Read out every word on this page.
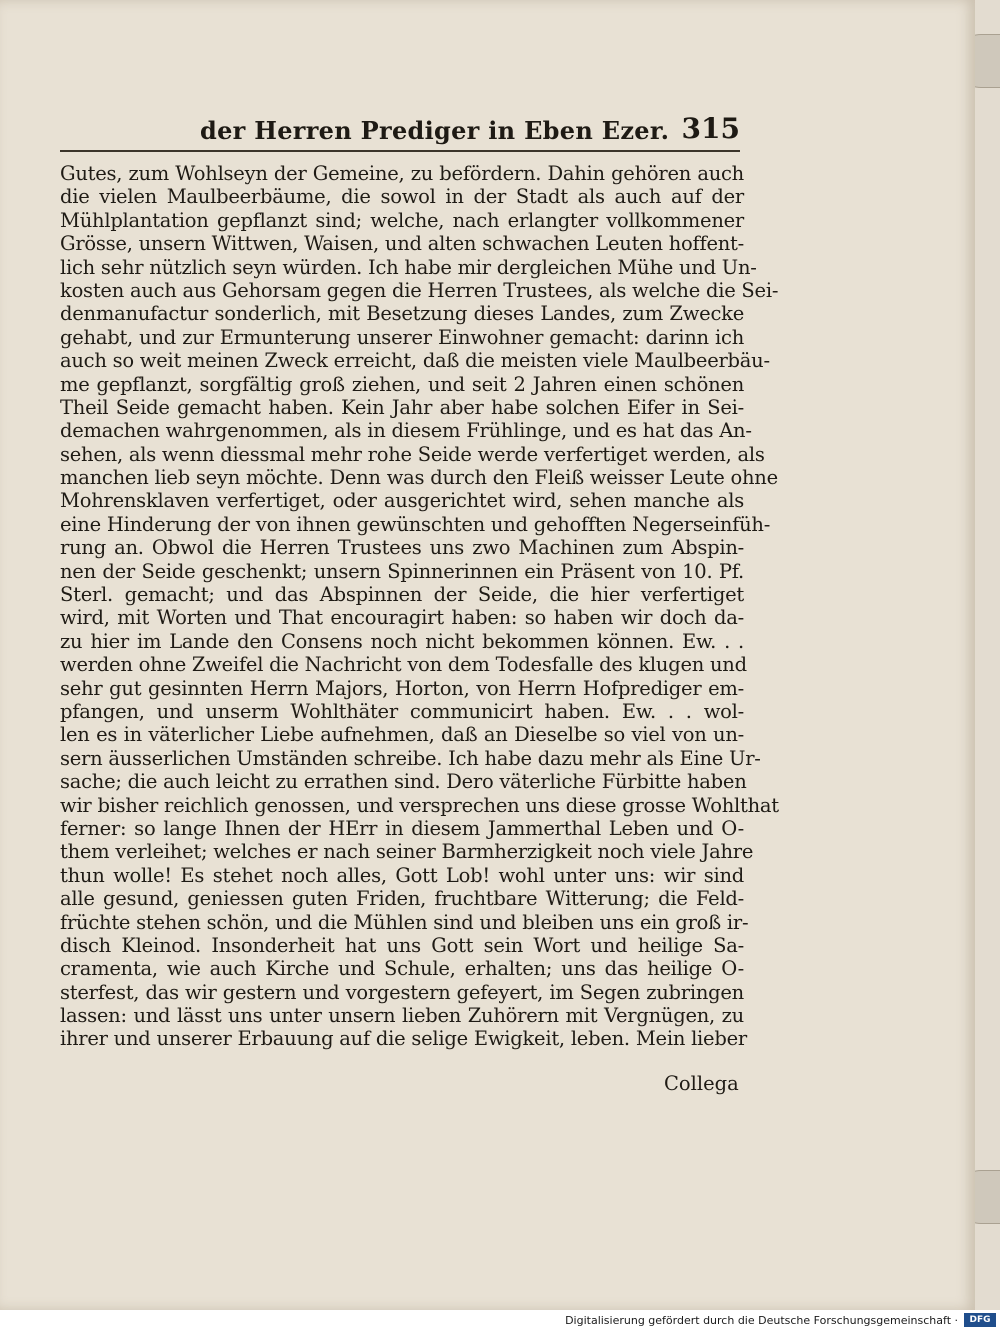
der Herren Prediger in Eben Ezer. 315
Gutes, zum Wohlseyn der Gemeine, zu befördern. Dahin gehören auch
die vielen Maulbeerbäume, die sowol in der Stadt als auch auf der
Mühlplantation gepflanzt sind; welche, nach erlangter vollkommener
Grösse, unsern Wittwen, Waisen, und alten schwachen Leuten hoffent-
lich sehr nützlich seyn würden. Ich habe mir dergleichen Mühe und Un-
kosten auch aus Gehorsam gegen die Herren Trustees, als welche die Sei-
denmanufactur sonderlich, mit Besetzung dieses Landes, zum Zwecke
gehabt, und zur Ermunterung unserer Einwohner gemacht: darinn ich
auch so weit meinen Zweck erreicht, daß die meisten viele Maulbeerbäu-
me gepflanzt, sorgfältig groß ziehen, und seit 2 Jahren einen schönen
Theil Seide gemacht haben. Kein Jahr aber habe solchen Eifer in Sei-
demachen wahrgenommen, als in diesem Frühlinge, und es hat das An-
sehen, als wenn diessmal mehr rohe Seide werde verfertiget werden, als
manchen lieb seyn möchte. Denn was durch den Fleiß weisser Leute ohne
Mohrensklaven verfertiget, oder ausgerichtet wird, sehen manche als
eine Hinderung der von ihnen gewünschten und gehofften Negerseinfüh-
rung an. Obwol die Herren Trustees uns zwo Machinen zum Abspin-
nen der Seide geschenkt; unsern Spinnerinnen ein Präsent von 10. Pf.
Sterl. gemacht; und das Abspinnen der Seide, die hier verfertiget
wird, mit Worten und That encouragirt haben: so haben wir doch da-
zu hier im Lande den Consens noch nicht bekommen können. Ew. . .
werden ohne Zweifel die Nachricht von dem Todesfalle des klugen und
sehr gut gesinnten Herrn Majors, Horton, von Herrn Hofprediger em-
pfangen, und unserm Wohlthäter communicirt haben. Ew. . . wol-
len es in väterlicher Liebe aufnehmen, daß an Dieselbe so viel von un-
sern äusserlichen Umständen schreibe. Ich habe dazu mehr als Eine Ur-
sache; die auch leicht zu errathen sind. Dero väterliche Fürbitte haben
wir bisher reichlich genossen, und versprechen uns diese grosse Wohlthat
ferner: so lange Ihnen der HErr in diesem Jammerthal Leben und O-
them verleihet; welches er nach seiner Barmherzigkeit noch viele Jahre
thun wolle! Es stehet noch alles, Gott Lob! wohl unter uns: wir sind
alle gesund, geniessen guten Friden, fruchtbare Witterung; die Feld-
früchte stehen schön, und die Mühlen sind und bleiben uns ein groß ir-
disch Kleinod. Insonderheit hat uns Gott sein Wort und heilige Sa-
cramenta, wie auch Kirche und Schule, erhalten; uns das heilige O-
sterfest, das wir gestern und vorgestern gefeyert, im Segen zubringen
lassen: und lässt uns unter unsern lieben Zuhörern mit Vergnügen, zu
ihrer und unserer Erbauung auf die selige Ewigkeit, leben. Mein lieber
Collega
Digitalisierung gefördert durch die Deutsche Forschungsgemeinschaft ·	DFG
